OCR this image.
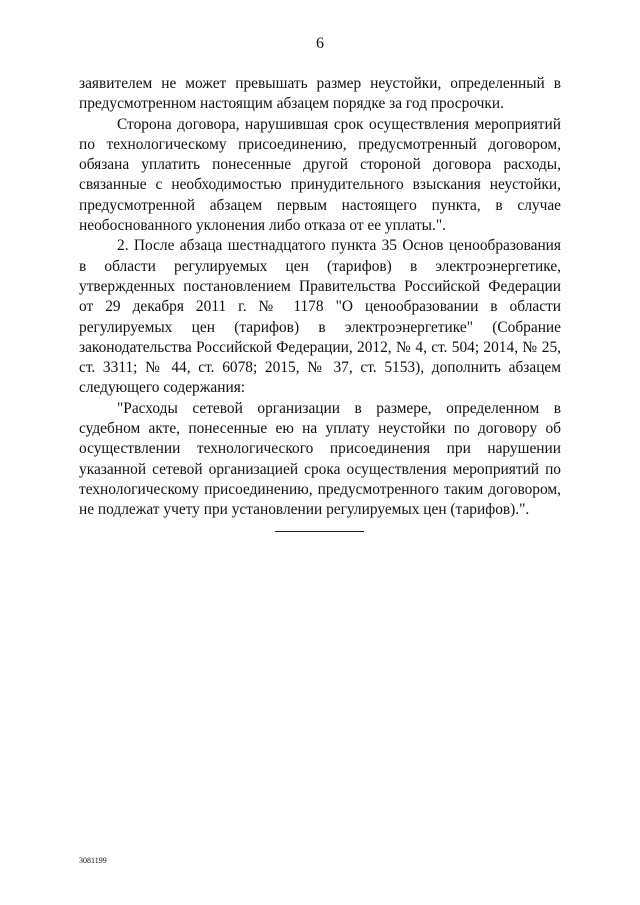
6

заявителем не может превышать размер неустойки, определенный в предусмотренном настоящим абзацем порядке за год просрочки.

Сторона договора, нарушившая срок осуществления мероприятий по технологическому присоединению, предусмотренный договором, обязана уплатить понесенные другой стороной договора расходы, связанные с необходимостью принудительного взыскания неустойки, предусмотренной абзацем первым настоящего пункта, в случае необоснованного уклонения либо отказа от ее уплаты.".

2. После абзаца шестнадцатого пункта 35 Основ ценообразования в области регулируемых цен (тарифов) в электроэнергетике, утвержденных постановлением Правительства Российской Федерации от 29 декабря 2011 г. № 1178 "О ценообразовании в области регулируемых цен (тарифов) в электроэнергетике" (Собрание законодательства Российской Федерации, 2012, № 4, ст. 504; 2014, № 25, ст. 3311; № 44, ст. 6078; 2015, № 37, ст. 5153), дополнить абзацем следующего содержания:

"Расходы сетевой организации в размере, определенном в судебном акте, понесенные ею на уплату неустойки по договору об осуществлении технологического присоединения при нарушении указанной сетевой организацией срока осуществления мероприятий по технологическому присоединению, предусмотренного таким договором, не подлежат учету при установлении регулируемых цен (тарифов).".

3081199
